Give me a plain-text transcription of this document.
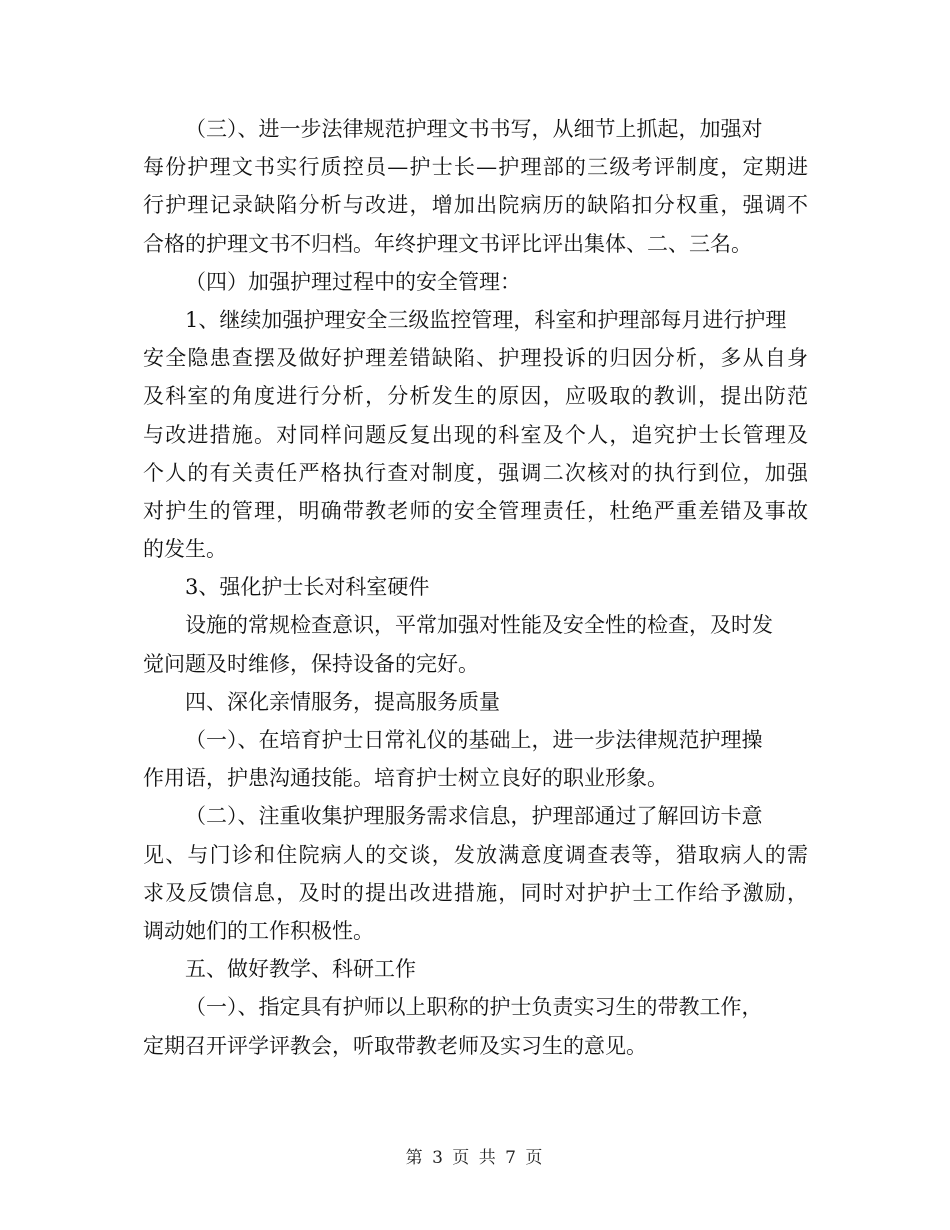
（三）、进一步法律规范护理文书书写，从细节上抓起，加强对
每份护理文书实行质控员—护士长—护理部的三级考评制度，定期进
行护理记录缺陷分析与改进，增加出院病历的缺陷扣分权重，强调不
合格的护理文书不归档。年终护理文书评比评出集体、二、三名。
（四）加强护理过程中的安全管理：
1、继续加强护理安全三级监控管理，科室和护理部每月进行护理
安全隐患查摆及做好护理差错缺陷、护理投诉的归因分析，多从自身
及科室的角度进行分析，分析发生的原因，应吸取的教训，提出防范
与改进措施。对同样问题反复出现的科室及个人，追究护士长管理及
个人的有关责任严格执行查对制度，强调二次核对的执行到位，加强
对护生的管理，明确带教老师的安全管理责任，杜绝严重差错及事故
的发生。
3、强化护士长对科室硬件
设施的常规检查意识，平常加强对性能及安全性的检查，及时发
觉问题及时维修，保持设备的完好。
四、深化亲情服务，提高服务质量
（一）、在培育护士日常礼仪的基础上，进一步法律规范护理操
作用语，护患沟通技能。培育护士树立良好的职业形象。
（二）、注重收集护理服务需求信息，护理部通过了解回访卡意
见、与门诊和住院病人的交谈，发放满意度调查表等，猎取病人的需
求及反馈信息，及时的提出改进措施，同时对护护士工作给予激励，
调动她们的工作积极性。
五、做好教学、科研工作
（一）、指定具有护师以上职称的护士负责实习生的带教工作，
定期召开评学评教会，听取带教老师及实习生的意见。
第 3 页 共 7 页
